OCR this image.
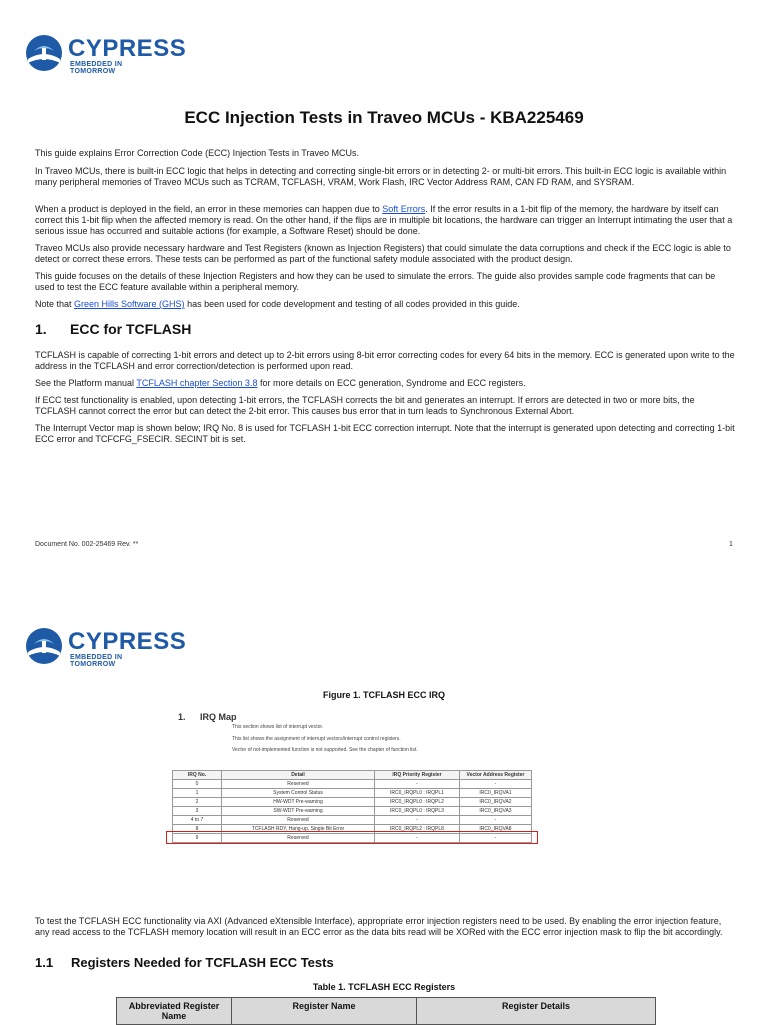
CYPRESS
EMBEDDED IN TOMORROW
ECC Injection Tests in Traveo MCUs - KBA225469

This guide explains Error Correction Code (ECC) Injection Tests in Traveo MCUs.

In Traveo MCUs, there is built-in ECC logic that helps in detecting and correcting single-bit errors or in detecting 2- or multi-bit errors. This built-in ECC logic is available within many peripheral memories of Traveo MCUs such as TCRAM, TCFLASH, VRAM, Work Flash, IRC Vector Address RAM, CAN FD RAM, and SYSRAM.

When a product is deployed in the field, an error in these memories can happen due to Soft Errors. If the error results in a 1-bit flip of the memory, the hardware by itself can correct this 1-bit flip when the affected memory is read. On the other hand, if the flips are in multiple bit locations, the hardware can trigger an Interrupt intimating the user that a serious issue has occurred and suitable actions (for example, a Software Reset) should be done.

Traveo MCUs also provide necessary hardware and Test Registers (known as Injection Registers) that could simulate the data corruptions and check if the ECC logic is able to detect or correct these errors. These tests can be performed as part of the functional safety module associated with the product design.

This guide focuses on the details of these Injection Registers and how they can be used to simulate the errors. The guide also provides sample code fragments that can be used to test the ECC feature available within a peripheral memory.

Note that Green Hills Software (GHS) has been used for code development and testing of all codes provided in this guide.

1. ECC for TCFLASH

TCFLASH is capable of correcting 1-bit errors and detect up to 2-bit errors using 8-bit error correcting codes for every 64 bits in the memory. ECC is generated upon write to the address in the TCFLASH and error correction/detection is performed upon read.

See the Platform manual TCFLASH chapter Section 3.8 for more details on ECC generation, Syndrome and ECC registers.

If ECC test functionality is enabled, upon detecting 1-bit errors, the TCFLASH corrects the bit and generates an interrupt. If errors are detected in two or more bits, the TCFLASH cannot correct the error but can detect the 2-bit error. This causes bus error that in turn leads to Synchronous External Abort.

The Interrupt Vector map is shown below; IRQ No. 8 is used for TCFLASH 1-bit ECC correction interrupt. Note that the interrupt is generated upon detecting and correcting 1-bit ECC error and TCFCFG_FSECIR. SECINT bit is set.

Document No. 002-25469 Rev. **	1
CYPRESS
EMBEDDED IN TOMORROW
Figure 1. TCFLASH ECC IRQ
1. IRQ Map
This section shows list of interrupt vector.
This list shows the assignment of interrupt vectors/interrupt control registers.
Vector of not-implemented function is not supported. See the chapter of function list.
IRQ No.	Detail	IRQ Priority Register	Vector Address Register
0	Reserved	-	-
1	System Control Status	IRC0_IRQPL0 : IRQPL1	IRC0_IRQVA1
2	HW-WDT Pre-warning	IRC0_IRQPL0 : IRQPL2	IRC0_IRQVA2
3	SW-WDT Pre-warning	IRC0_IRQPL0 : IRQPL3	IRC0_IRQVA3
4 to 7	Reserved	-	-
8	TCFLASH RDY, Hang-up, Single Bit Error	IRC0_IRQPL2 : IRQPL8	IRC0_IRQVA8
9	Reserved	-	-

To test the TCFLASH ECC functionality via AXI (Advanced eXtensible Interface), appropriate error injection registers need to be used. By enabling the error injection feature, any read access to the TCFLASH memory location will result in an ECC error as the data bits read will be XORed with the ECC error injection mask to flip the bit accordingly.

1.1 Registers Needed for TCFLASH ECC Tests
Table 1. TCFLASH ECC Registers
Abbreviated Register Name	Register Name	Register Details
